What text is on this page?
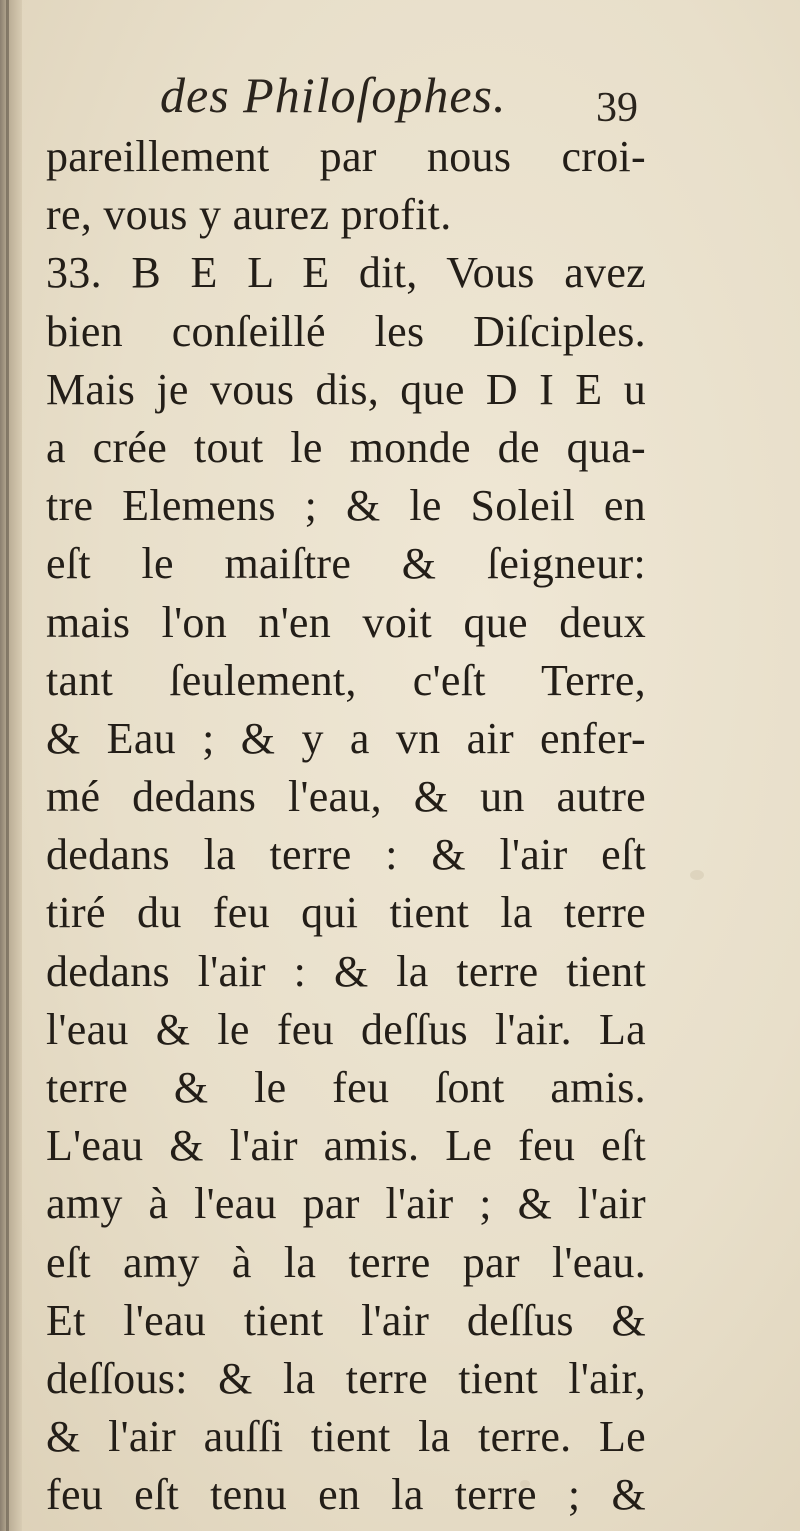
des Philoſophes. 39
pareillement par nous croi-
re, vous y aurez profit.
33. B E L E dit, Vous avez
bien conſeillé les Diſciples.
Mais je vous dis, que D I E u
a crée tout le monde de qua-
tre Elemens ; & le Soleil en
eſt le maiſtre & ſeigneur:
mais l'on n'en voit que deux
tant ſeulement, c'eſt Terre,
& Eau ; & y a vn air enfer-
mé dedans l'eau, & un autre
dedans la terre : & l'air eſt
tiré du feu qui tient la terre
dedans l'air : & la terre tient
l'eau & le feu deſſus l'air. La
terre & le feu ſont amis.
L'eau & l'air amis. Le feu eſt
amy à l'eau par l'air ; & l'air
eſt amy à la terre par l'eau.
Et l'eau tient l'air deſſus &
deſſous: & la terre tient l'air,
& l'air auſſi tient la terre. Le
feu eſt tenu en la terre ; &
